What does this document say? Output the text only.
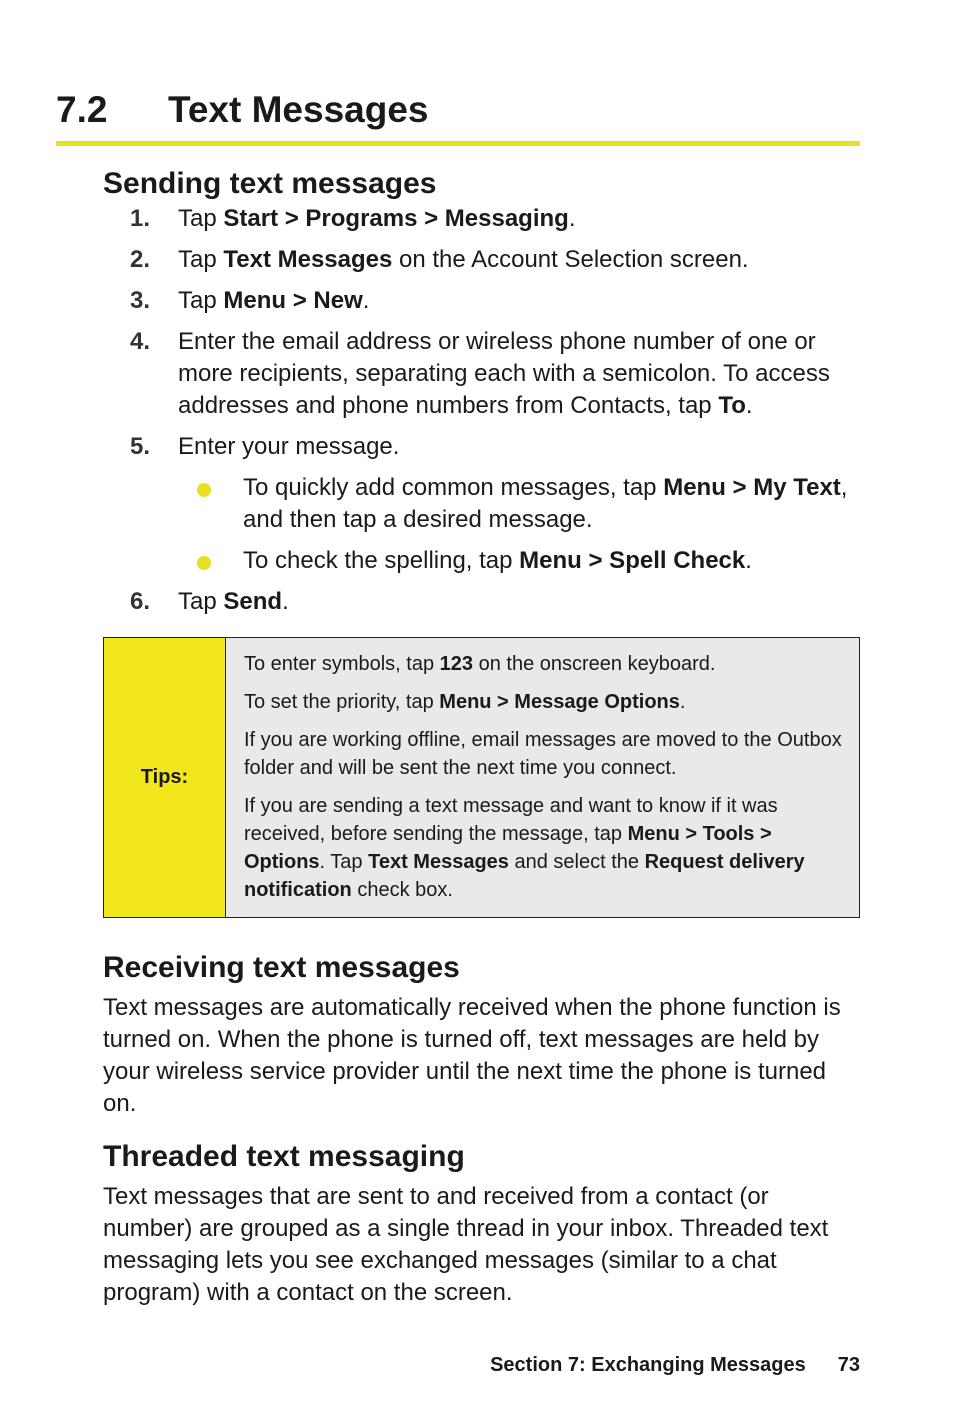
7.2 Text Messages
Sending text messages
1. Tap Start > Programs > Messaging.
2. Tap Text Messages on the Account Selection screen.
3. Tap Menu > New.
4. Enter the email address or wireless phone number of one or more recipients, separating each with a semicolon. To access addresses and phone numbers from Contacts, tap To.
5. Enter your message.
To quickly add common messages, tap Menu > My Text, and then tap a desired message.
To check the spelling, tap Menu > Spell Check.
6. Tap Send.
Tips:

To enter symbols, tap 123 on the onscreen keyboard.

To set the priority, tap Menu > Message Options.

If you are working offline, email messages are moved to the Outbox folder and will be sent the next time you connect.

If you are sending a text message and want to know if it was received, before sending the message, tap Menu > Tools > Options. Tap Text Messages and select the Request delivery notification check box.

Receiving text messages

Text messages are automatically received when the phone function is turned on. When the phone is turned off, text messages are held by your wireless service provider until the next time the phone is turned on.

Threaded text messaging

Text messages that are sent to and received from a contact (or number) are grouped as a single thread in your inbox. Threaded text messaging lets you see exchanged messages (similar to a chat program) with a contact on the screen.

Section 7: Exchanging Messages 73
